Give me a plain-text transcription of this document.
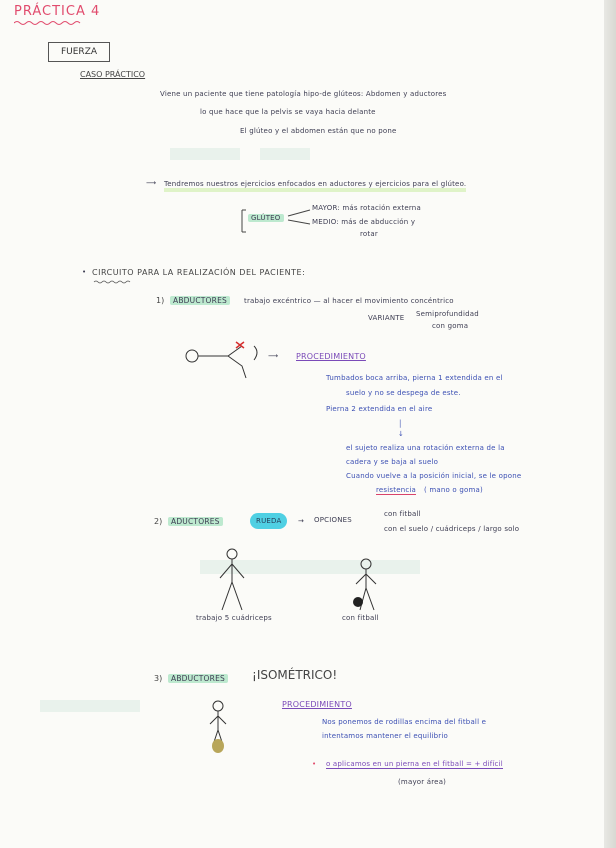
PRÁCTICA 4
FUERZA
CASO PRÁCTICO
Viene un paciente que tiene patología hipo-de glúteos: Abdomen y aductores
lo que hace que la pelvis se vaya hacia delante
El glúteo y el abdomen están que no pone
⟶ Tendremos nuestros ejercicios enfocados en aductores y ejercicios para el glúteo.
GLÚTEO
MAYOR: más rotación externa
MEDIO: más de abducción y
rotar
• CIRCUITO PARA LA REALIZACIÓN DEL PACIENTE:
1)	ABDUCTORES	trabajo excéntrico — al hacer el movimiento concéntrico
VARIANTE Semiprofundidad
con goma
⟶ PROCEDIMIENTO
Tumbados boca arriba, pierna 1 extendida en el
suelo y no se despega de este.
Pierna 2 extendida en el aire
│
↓
el sujeto realiza una rotación externa de la
cadera y se baja al suelo
Cuando vuelve a la posición inicial, se le opone
resistencia ( mano o goma)
2)	ADUCTORES	RUEDA	→ OPCIONES
con fitball
con el suelo / cuádriceps / largo solo
trabajo 5 cuádriceps	con fitball
3)	ABDUCTORES ¡ISOMÉTRICO!
PROCEDIMIENTO
Nos ponemos de rodillas encima del fitball e
intentamos mantener el equilibrio
• o aplicamos en un pierna en el fitball = + difícil
(mayor área)
